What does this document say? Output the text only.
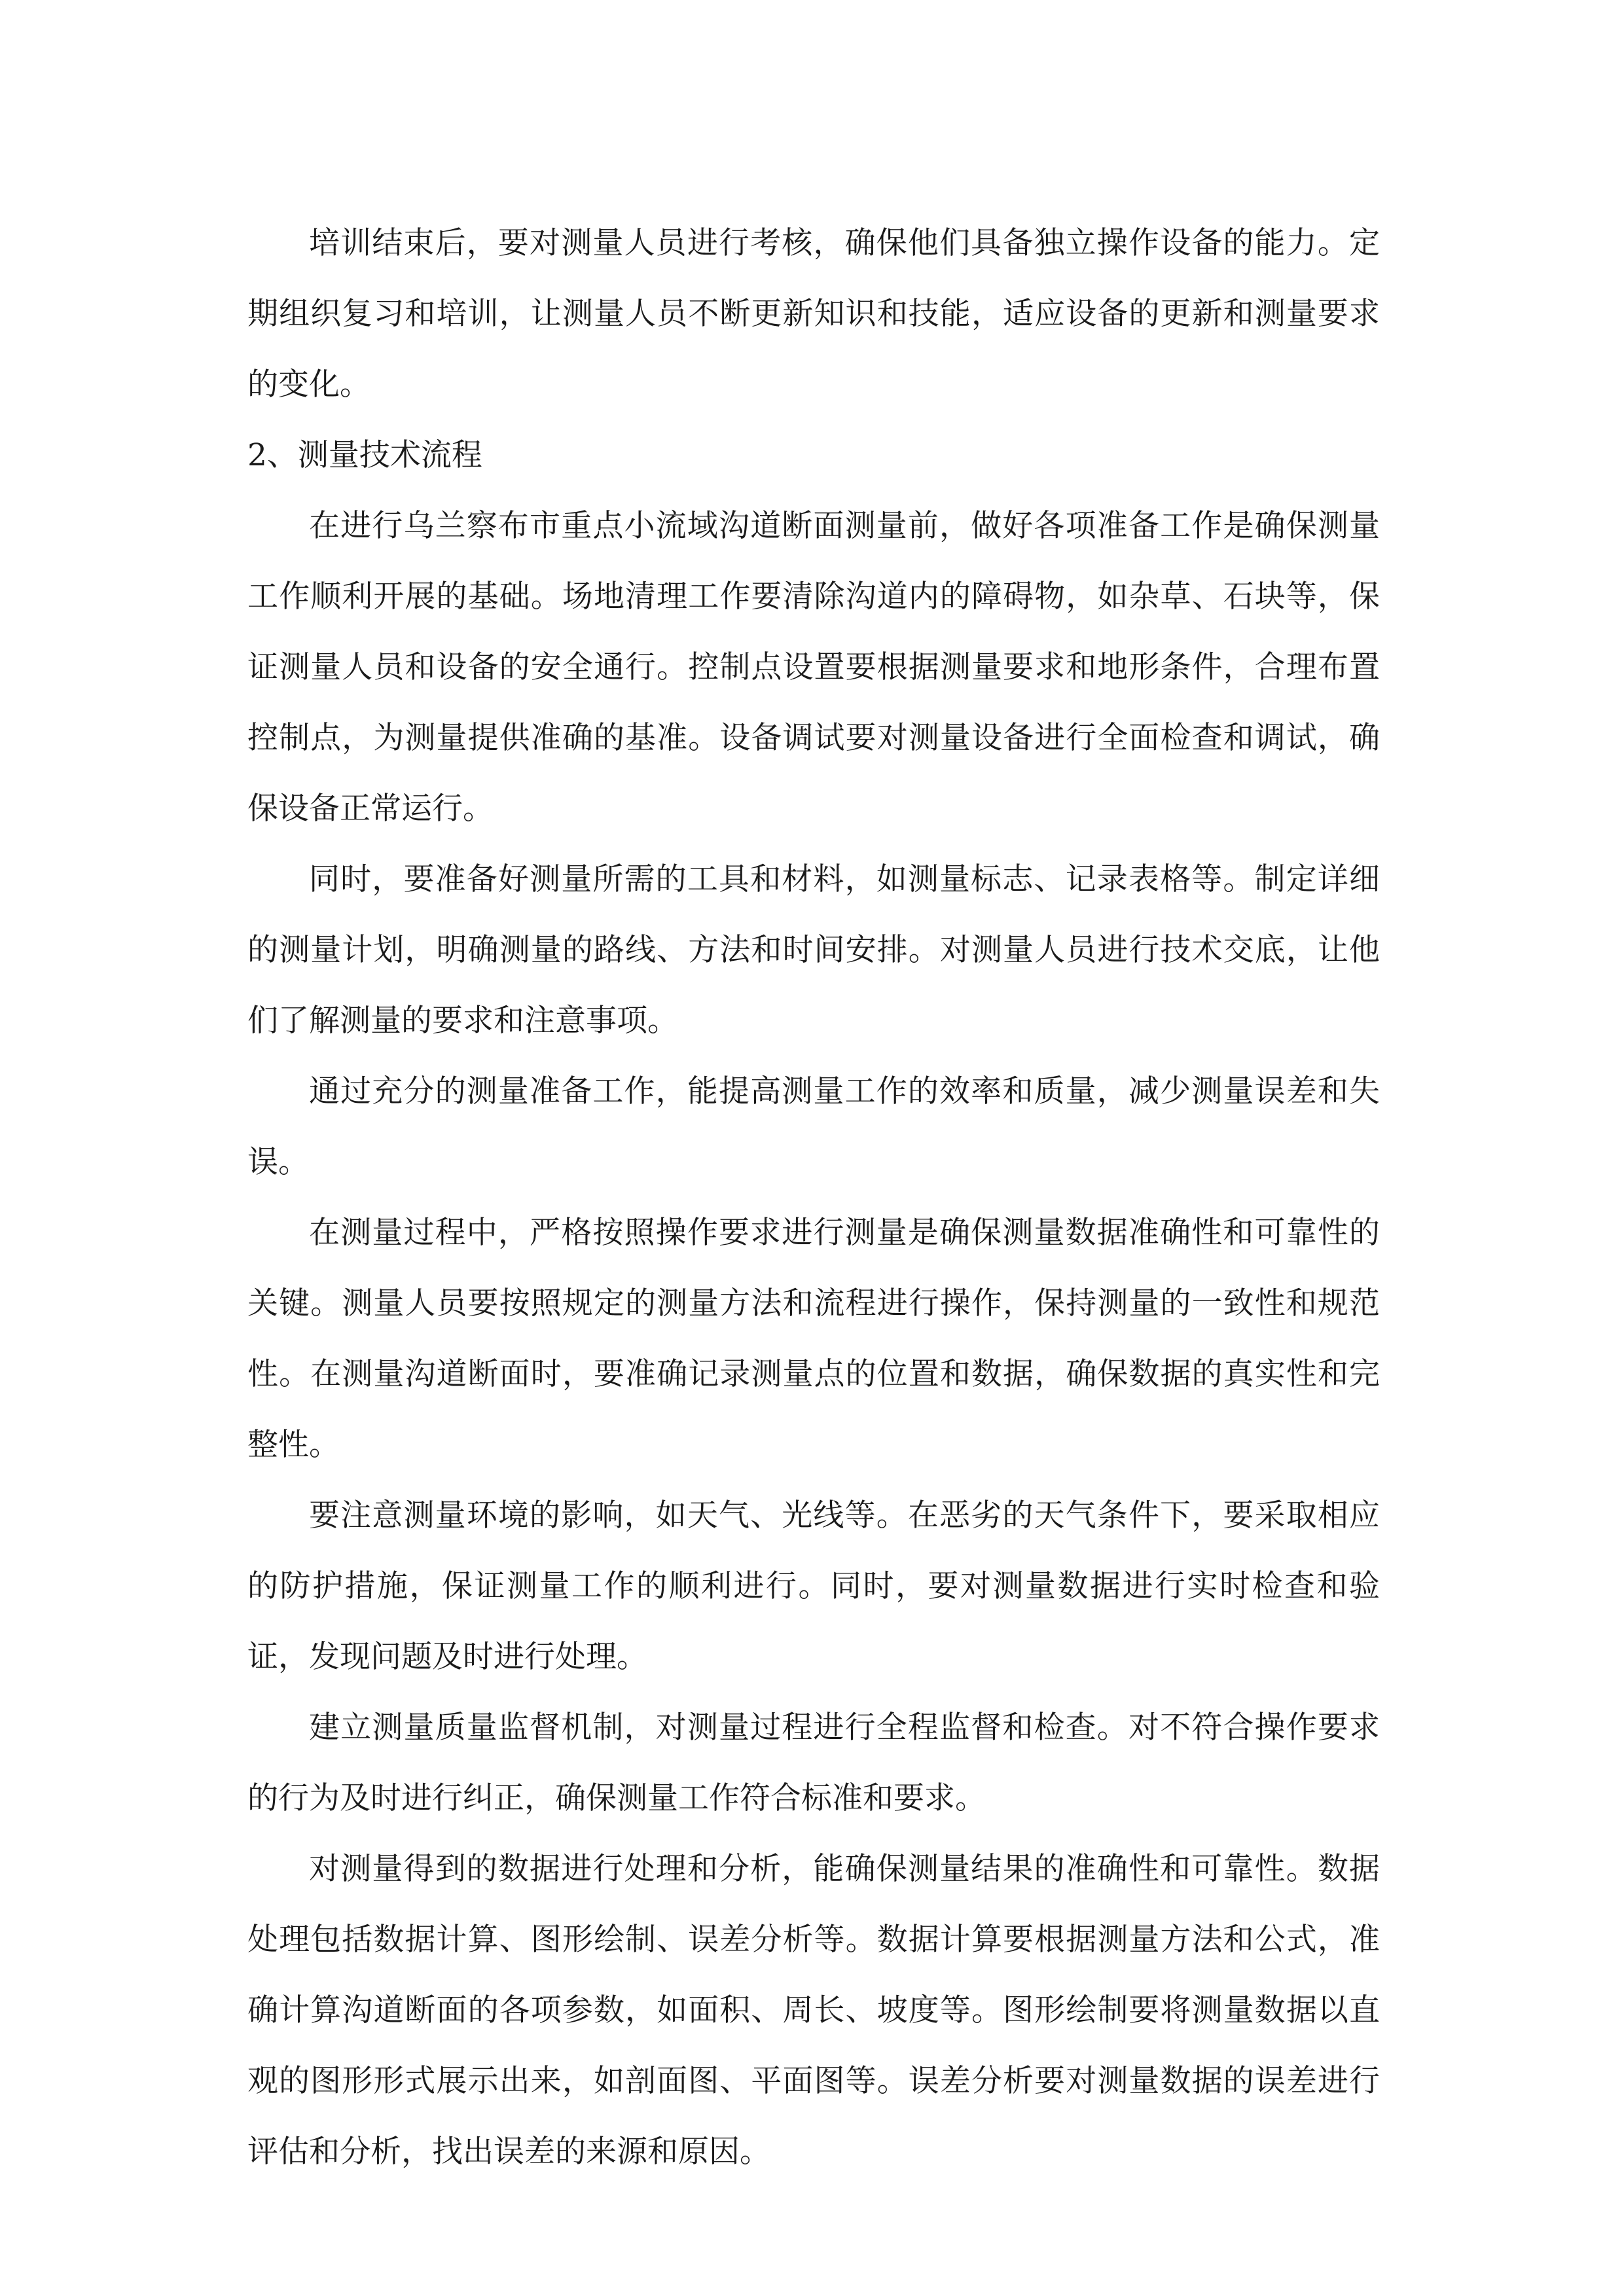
培训结束后，要对测量人员进行考核，确保他们具备独立操作设备的能力。定期组织复习和培训，让测量人员不断更新知识和技能，适应设备的更新和测量要求的变化。

2、测量技术流程

在进行乌兰察布市重点小流域沟道断面测量前，做好各项准备工作是确保测量工作顺利开展的基础。场地清理工作要清除沟道内的障碍物，如杂草、石块等，保证测量人员和设备的安全通行。控制点设置要根据测量要求和地形条件，合理布置控制点，为测量提供准确的基准。设备调试要对测量设备进行全面检查和调试，确保设备正常运行。

同时，要准备好测量所需的工具和材料，如测量标志、记录表格等。制定详细的测量计划，明确测量的路线、方法和时间安排。对测量人员进行技术交底，让他们了解测量的要求和注意事项。

通过充分的测量准备工作，能提高测量工作的效率和质量，减少测量误差和失误。

在测量过程中，严格按照操作要求进行测量是确保测量数据准确性和可靠性的关键。测量人员要按照规定的测量方法和流程进行操作，保持测量的一致性和规范性。在测量沟道断面时，要准确记录测量点的位置和数据，确保数据的真实性和完整性。

要注意测量环境的影响，如天气、光线等。在恶劣的天气条件下，要采取相应的防护措施，保证测量工作的顺利进行。同时，要对测量数据进行实时检查和验证，发现问题及时进行处理。

建立测量质量监督机制，对测量过程进行全程监督和检查。对不符合操作要求的行为及时进行纠正，确保测量工作符合标准和要求。

对测量得到的数据进行处理和分析，能确保测量结果的准确性和可靠性。数据处理包括数据计算、图形绘制、误差分析等。数据计算要根据测量方法和公式，准确计算沟道断面的各项参数，如面积、周长、坡度等。图形绘制要将测量数据以直观的图形形式展示出来，如剖面图、平面图等。误差分析要对测量数据的误差进行评估和分析，找出误差的来源和原因。
